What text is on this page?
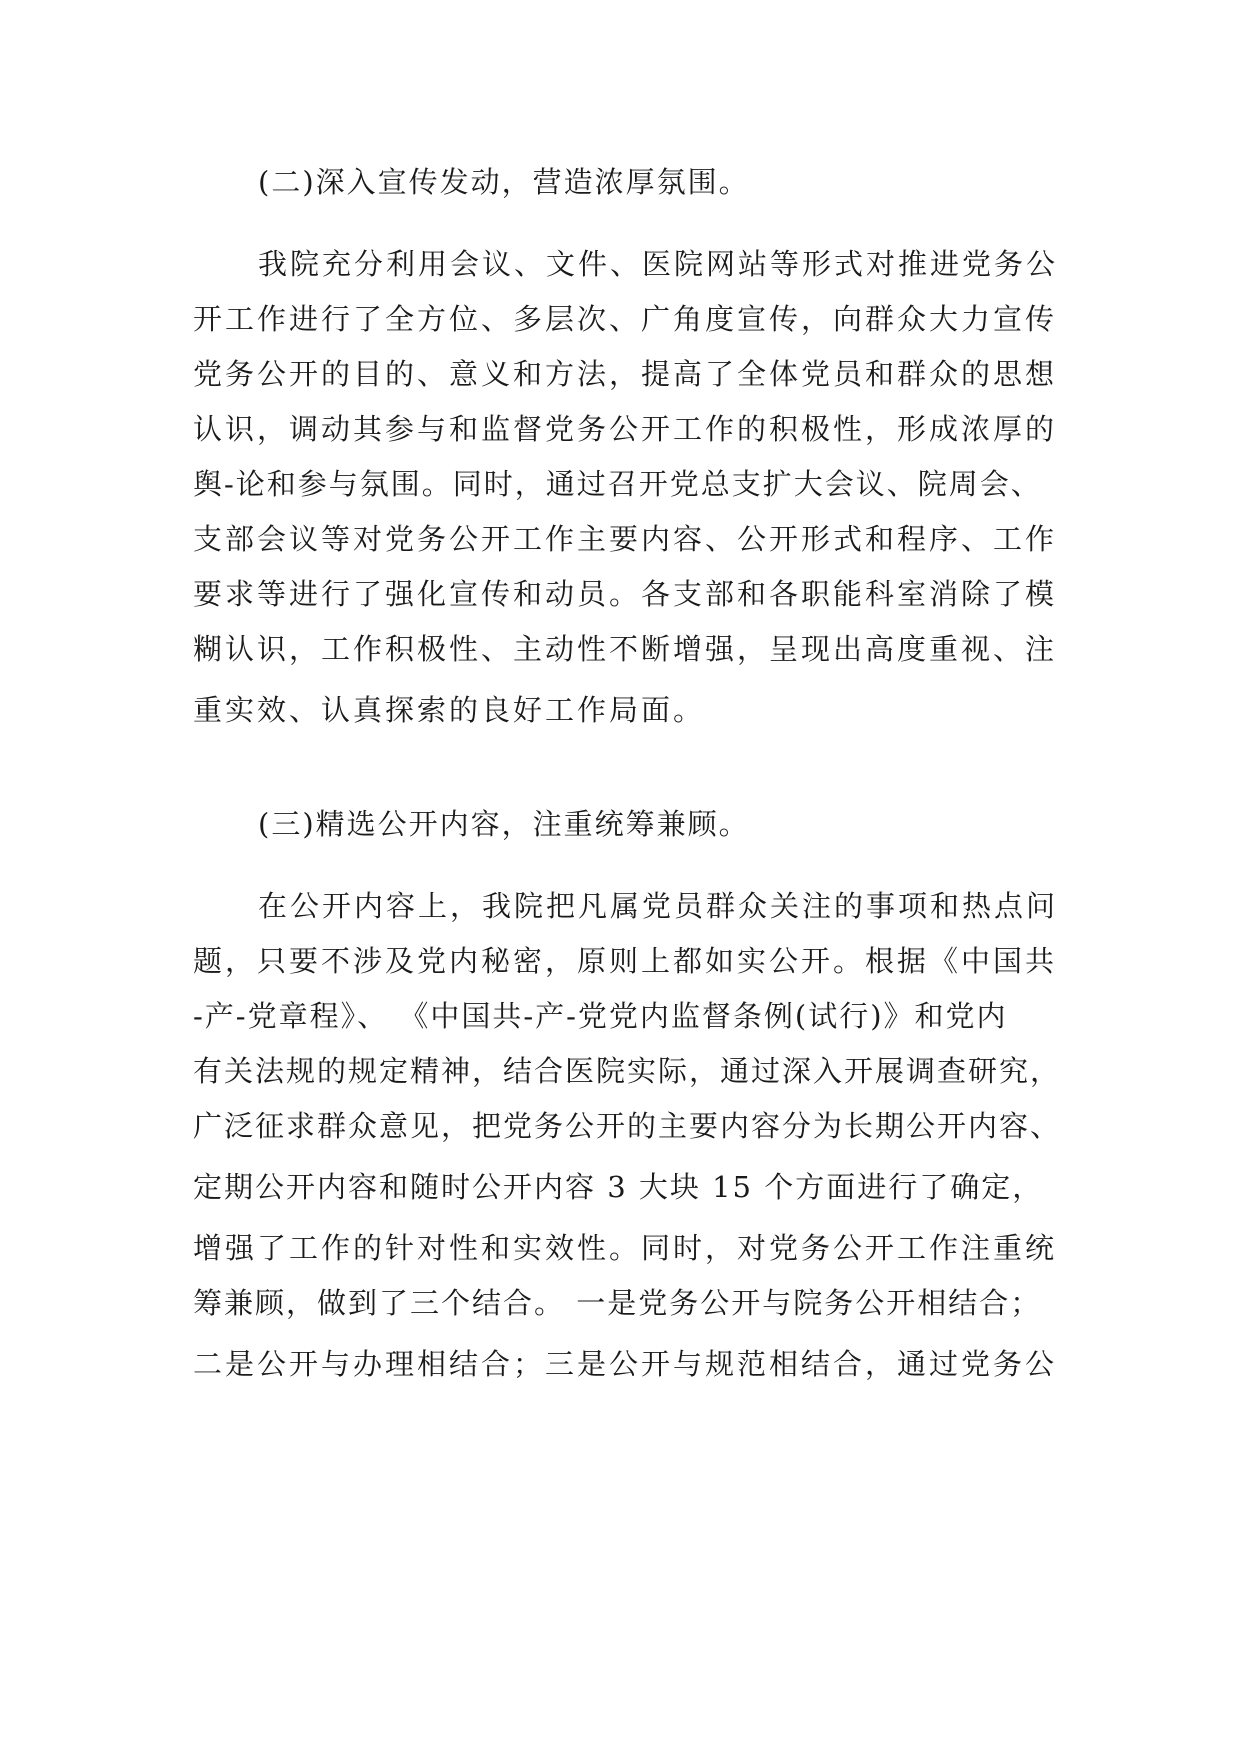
(二)深入宣传发动，营造浓厚氛围。
我院充分利用会议、文件、医院网站等形式对推进党务公
开工作进行了全方位、多层次、广角度宣传，向群众大力宣传
党务公开的目的、意义和方法，提高了全体党员和群众的思想
认识，调动其参与和监督党务公开工作的积极性，形成浓厚的
舆-论和参与氛围。同时，通过召开党总支扩大会议、院周会、
支部会议等对党务公开工作主要内容、公开形式和程序、工作
要求等进行了强化宣传和动员。各支部和各职能科室消除了模
糊认识，工作积极性、主动性不断增强，呈现出高度重视、注
重实效、认真探索的良好工作局面。
(三)精选公开内容，注重统筹兼顾。
在公开内容上，我院把凡属党员群众关注的事项和热点问
题，只要不涉及党内秘密，原则上都如实公开。根据《中国共
-产-党章程》、 《中国共-产-党党内监督条例(试行)》和党内
有关法规的规定精神，结合医院实际，通过深入开展调查研究，
广泛征求群众意见，把党务公开的主要内容分为长期公开内容、
定期公开内容和随时公开内容 3 大块 15 个方面进行了确定，
增强了工作的针对性和实效性。同时，对党务公开工作注重统
筹兼顾，做到了三个结合。 一是党务公开与院务公开相结合；
二是公开与办理相结合；三是公开与规范相结合，通过党务公
